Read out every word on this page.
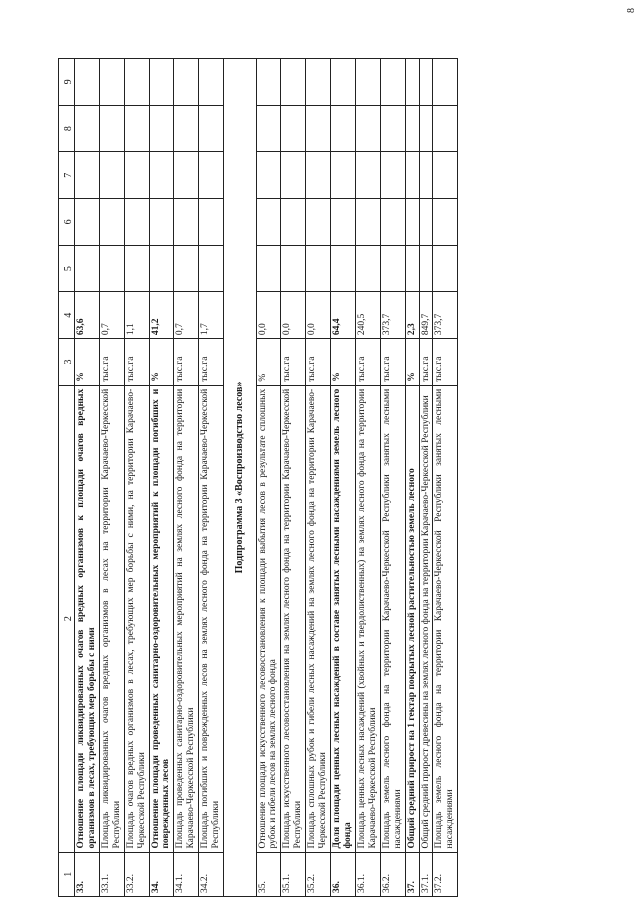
8
1	2	3	4	5	6	7	8	9
33.	Отношение площади ликвидированных очагов вредных организмов к площади очагов вредных организмов в лесах, требующих мер борьбы с ними	%	63,6					
33.1.	Площадь ликвидированных очагов вредных организмов в лесах на территории Карачаево-Черкесской Республики	тыс.га	0,7					
33.2.	Площадь очагов вредных организмов в лесах, требующих мер борьбы с ними, на территории Карачаево-Черкесской Республики	тыс.га	1,1					
34.	Отношение площади проведенных санитарно-оздоровительных мероприятий к площади погибших и поврежденных лесов	%	41,2					
34.1.	Площадь проведенных санитарно-оздоровительных мероприятий на землях лесного фонда на территории Карачаево-Черкесской Республики	тыс.га	0,7					
34.2.	Площадь погибших и поврежденных лесов на землях лесного фонда на территории Карачаево-Черкесской Республики	тыс.га	1,7					
Подпрограмма 3 «Воспроизводство лесов»								
35.	Отношение площади искусственного лесовосстановления к площади выбытия лесов в результате сплошных рубок и гибели лесов на землях лесного фонда	%	0,0					
35.1.	Площадь искусственного лесовосстановления на землях лесного фонда на территории Карачаево-Черкесской Республики	тыс.га	0,0					
35.2.	Площадь сплошных рубок и гибели лесных насаждений на землях лесного фонда на территории Карачаево-Черкесской Республики	тыс.га	0,0					
36.	Доля площади ценных лесных насаждений в составе занятых лесными насаждениями земель лесного фонда	%	64,4					
36.1.	Площадь ценных лесных насаждений (хвойных и твердолиственных) на землях лесного фонда на территории Карачаево-Черкесской Республики	тыс.га	240,5					
36.2.	Площадь земель лесного фонда на территории Карачаево-Черкесской Республики занятых лесными насаждениями	тыс.га	373,7					
37.	Общий средний прирост на 1 гектар покрытых лесной растительностью земель лесного	%	2,3					
37.1.	Общий средний прирост древесины на землях лесного фонда на территории Карачаево-Черкесской Республики	тыс.га	849,7					
37.2.	Площадь земель лесного фонда на территории Карачаево-Черкесской Республики занятых лесными насаждениями	тыс.га	373,7					
